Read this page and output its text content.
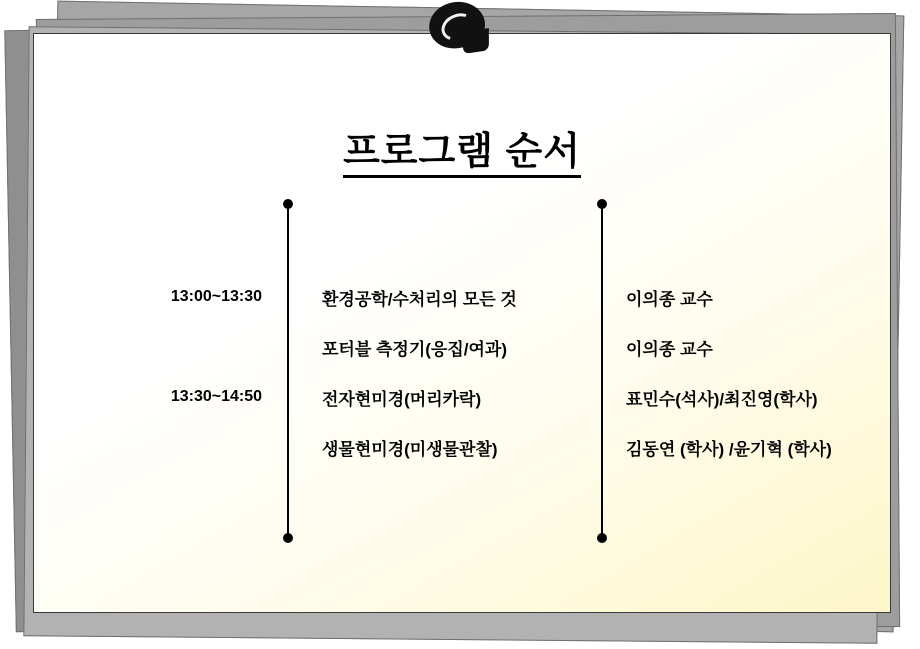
프로그램 순서
13:00~13:30	환경공학/수처리의 모든 것	이의종 교수
포터블 측정기(응집/여과)	이의종 교수
13:30~14:50	전자현미경(머리카락)	표민수(석사)/최진영(학사)
생물현미경(미생물관찰)	김동연 (학사) /윤기혁 (학사)
